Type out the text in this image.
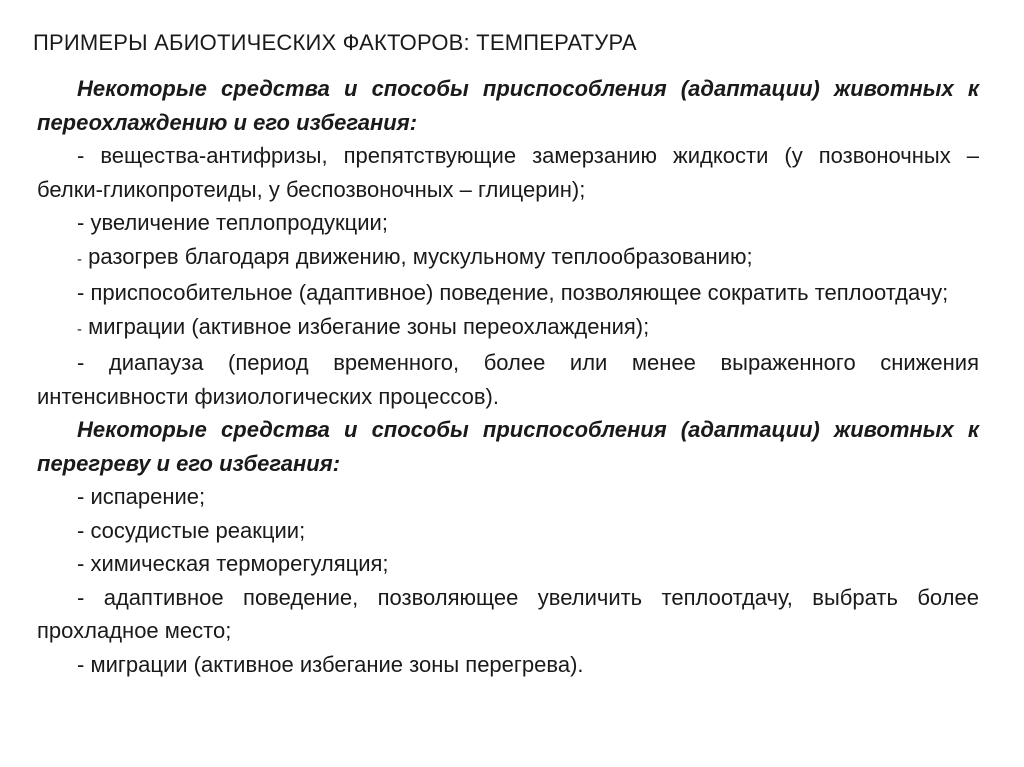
ПРИМЕРЫ АБИОТИЧЕСКИХ ФАКТОРОВ: ТЕМПЕРАТУРА

Некоторые средства и способы приспособления (адаптации) животных к переохлаждению и его избегания:

- вещества-антифризы, препятствующие замерзанию жидкости (у позвоночных – белки-гликопротеиды, у беспозвоночных – глицерин);

- увеличение теплопродукции;

- разогрев благодаря движению, мускульному теплообразованию;

- приспособительное (адаптивное) поведение, позволяющее сократить теплоотдачу;

- миграции (активное избегание зоны переохлаждения);

- диапауза (период временного, более или менее выраженного снижения интенсивности физиологических процессов).

Некоторые средства и способы приспособления (адаптации) животных к перегреву и его избегания:

- испарение;

- сосудистые реакции;

- химическая терморегуляция;

- адаптивное поведение, позволяющее увеличить теплоотдачу, выбрать более прохладное место;

- миграции (активное избегание зоны перегрева).
